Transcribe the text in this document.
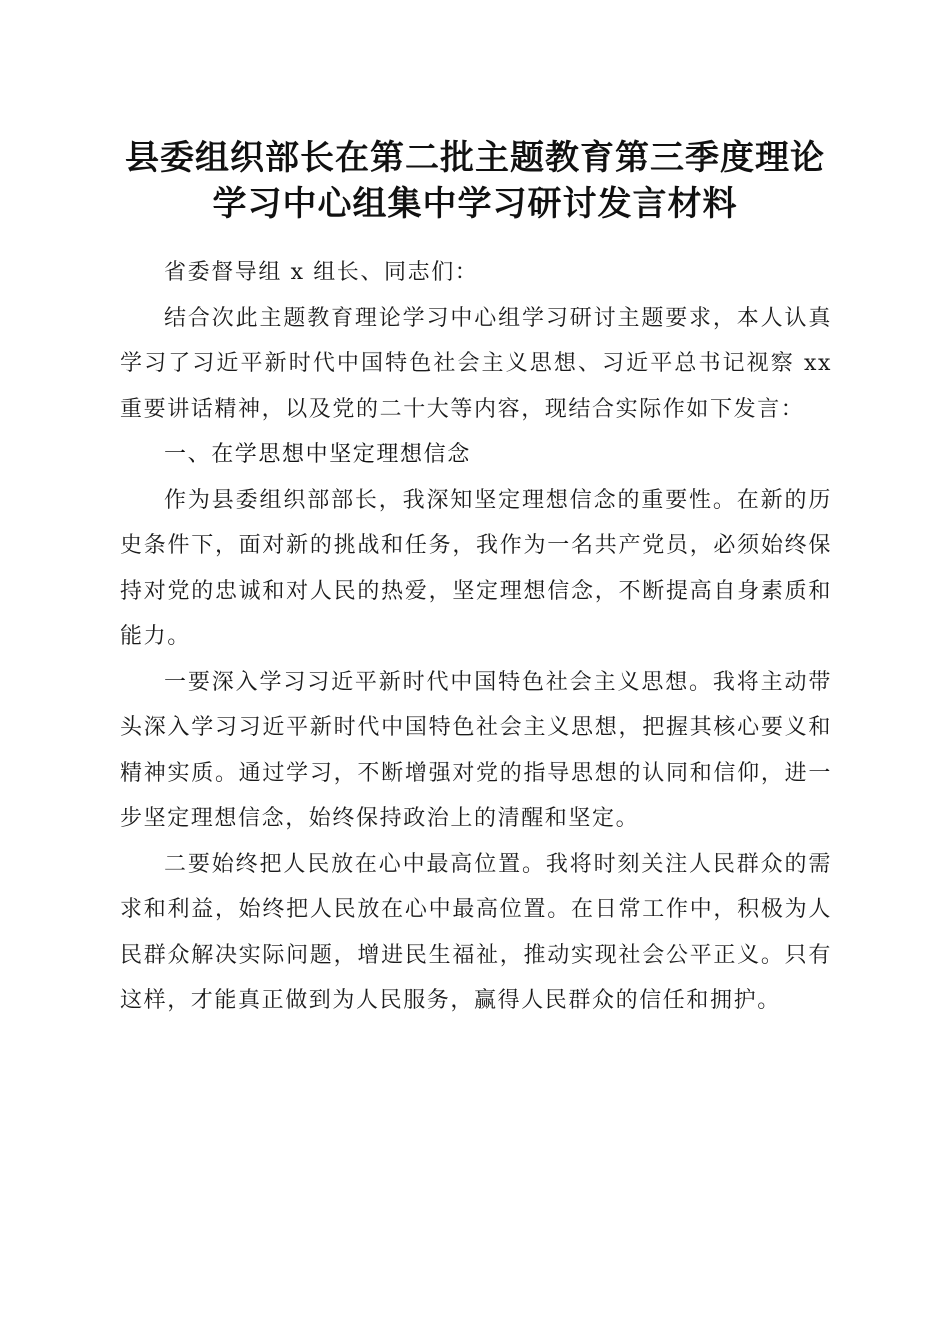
县委组织部长在第二批主题教育第三季度理论
学习中心组集中学习研讨发言材料

省委督导组 x 组长、同志们：

结合次此主题教育理论学习中心组学习研讨主题要求，本人认真学习了习近平新时代中国特色社会主义思想、习近平总书记视察 xx 重要讲话精神，以及党的二十大等内容，现结合实际作如下发言：

一、在学思想中坚定理想信念

作为县委组织部部长，我深知坚定理想信念的重要性。在新的历史条件下，面对新的挑战和任务，我作为一名共产党员，必须始终保持对党的忠诚和对人民的热爱，坚定理想信念，不断提高自身素质和能力。

一要深入学习习近平新时代中国特色社会主义思想。我将主动带头深入学习习近平新时代中国特色社会主义思想，把握其核心要义和精神实质。通过学习，不断增强对党的指导思想的认同和信仰，进一步坚定理想信念，始终保持政治上的清醒和坚定。

二要始终把人民放在心中最高位置。我将时刻关注人民群众的需求和利益，始终把人民放在心中最高位置。在日常工作中，积极为人民群众解决实际问题，增进民生福祉，推动实现社会公平正义。只有这样，才能真正做到为人民服务，赢得人民群众的信任和拥护。
